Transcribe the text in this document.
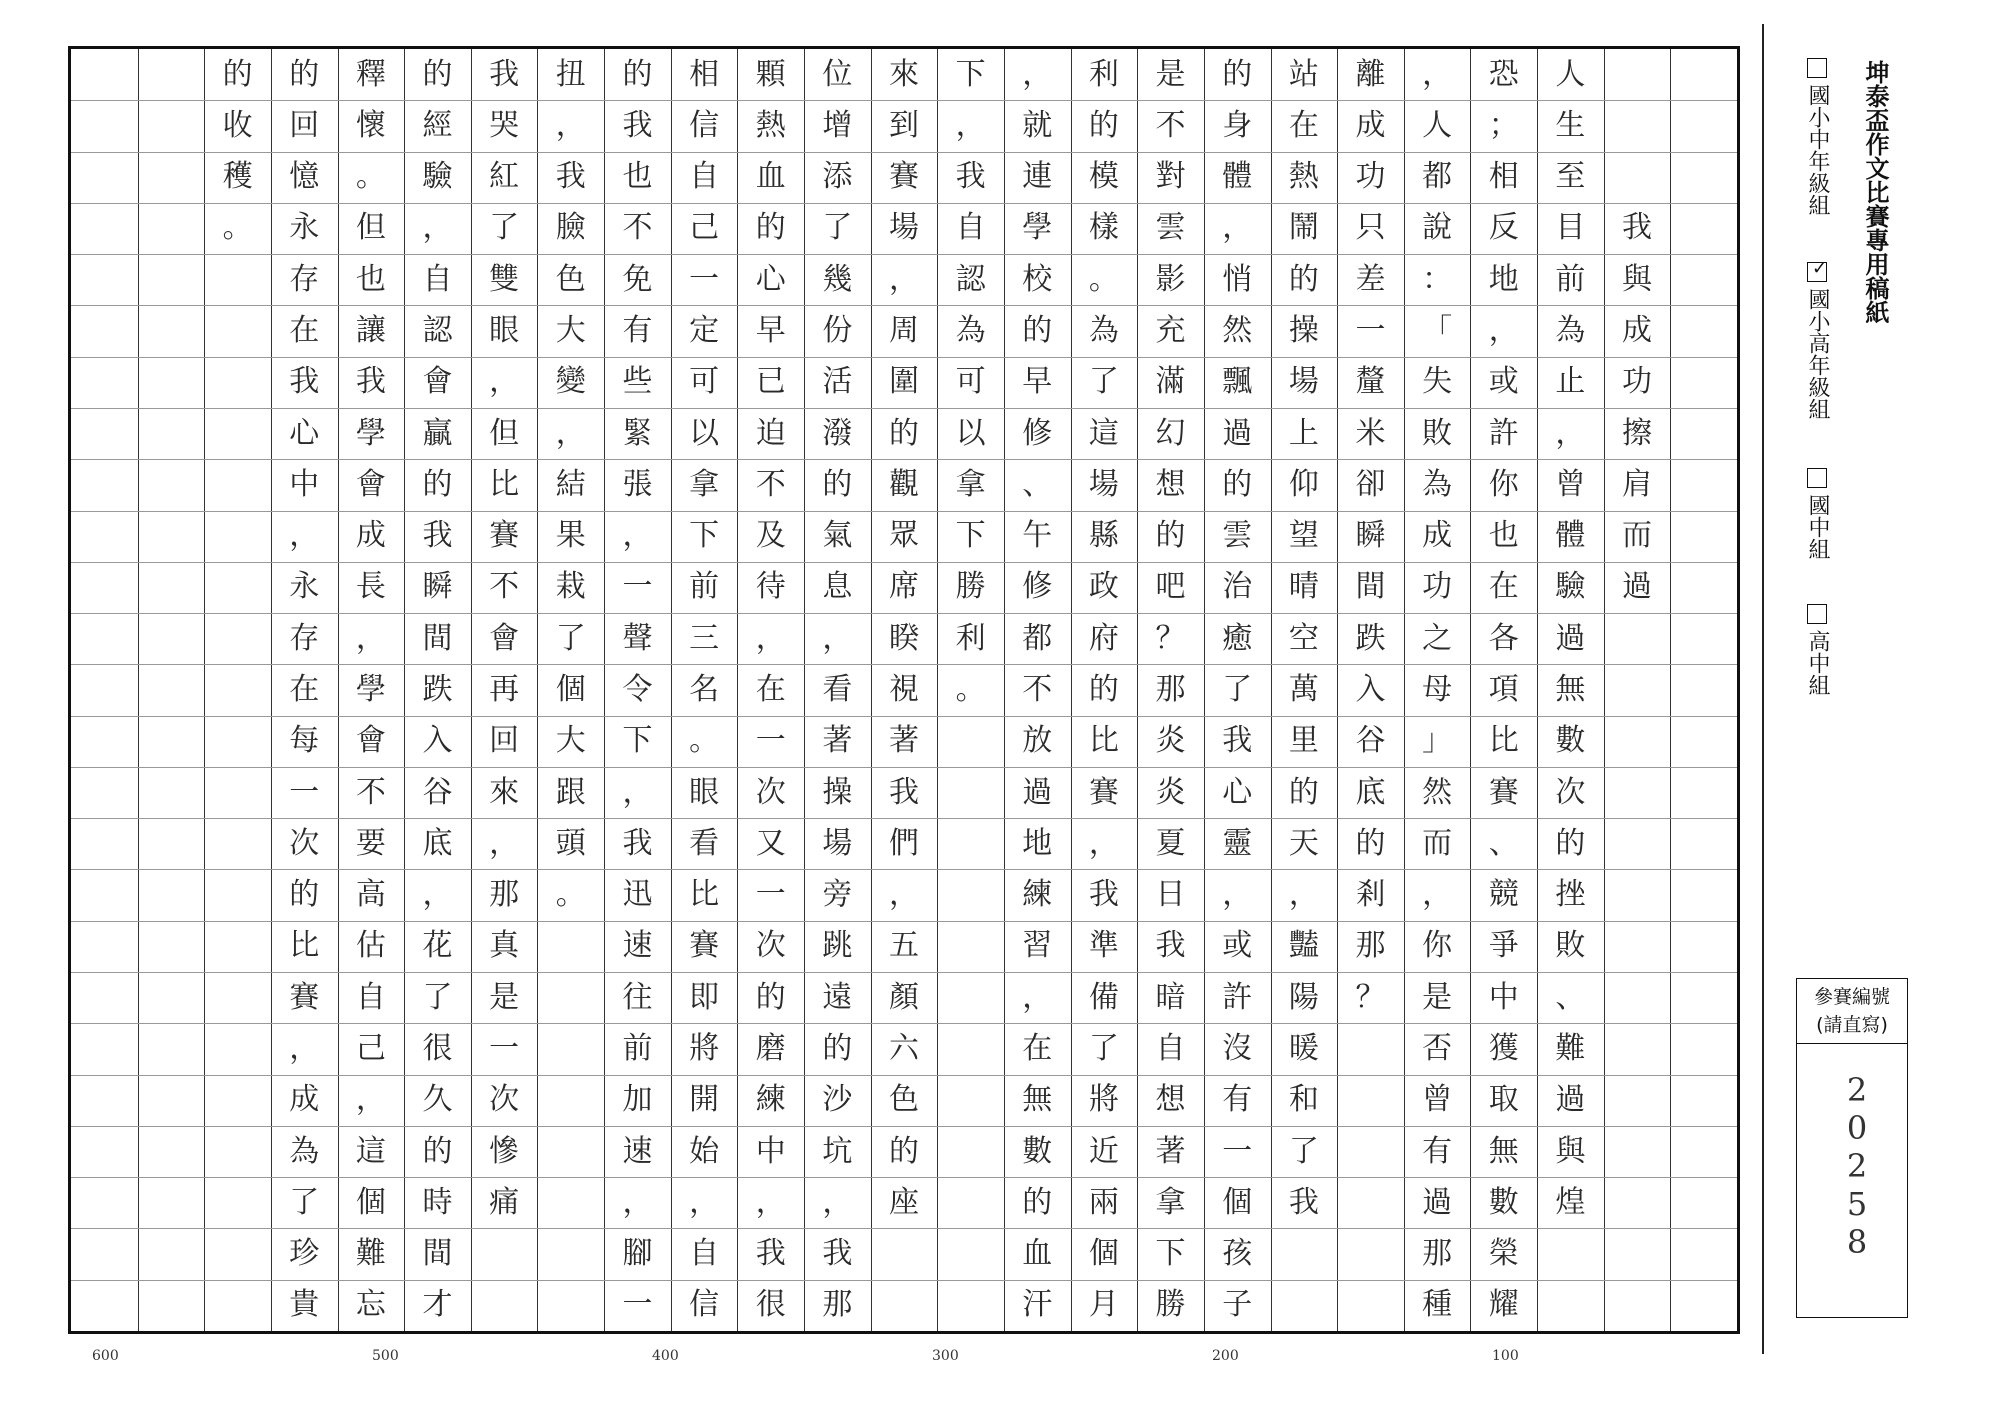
我
與
成
功
擦
肩
而
過
人
生
至
目
前
為
止
，
曾
體
驗
過
無
數
次
的
挫
敗
、
難
過
與
煌
恐
；
相
反
地
，
或
許
你
也
在
各
項
比
賽
、
競
爭
中
獲
取
無
數
榮
耀
，
人
都
說
：
「
失
敗
為
成
功
之
母
」
然
而
，
你
是
否
曾
有
過
那
種
離
成
功
只
差
一
釐
米
卻
瞬
間
跌
入
谷
底
的
剎
那
？
站
在
熱
鬧
的
操
場
上
仰
望
晴
空
萬
里
的
天
，
豔
陽
暖
和
了
我
的
身
體
，
悄
然
飄
過
的
雲
治
癒
了
我
心
靈
，
或
許
沒
有
一
個
孩
子
是
不
對
雲
影
充
滿
幻
想
的
吧
？
那
炎
炎
夏
日
我
暗
自
想
著
拿
下
勝
利
的
模
樣
。
為
了
這
場
縣
政
府
的
比
賽
，
我
準
備
了
將
近
兩
個
月
，
就
連
學
校
的
早
修
、
午
修
都
不
放
過
地
練
習
，
在
無
數
的
血
汗
下
，
我
自
認
為
可
以
拿
下
勝
利
。
來
到
賽
場
，
周
圍
的
觀
眾
席
睽
視
著
我
們
，
五
顏
六
色
的
座
位
增
添
了
幾
份
活
潑
的
氣
息
，
看
著
操
場
旁
跳
遠
的
沙
坑
，
我
那
顆
熱
血
的
心
早
已
迫
不
及
待
，
在
一
次
又
一
次
的
磨
練
中
，
我
很
相
信
自
己
一
定
可
以
拿
下
前
三
名
。
眼
看
比
賽
即
將
開
始
，
自
信
的
我
也
不
免
有
些
緊
張
，
一
聲
令
下
，
我
迅
速
往
前
加
速
，
腳
一
扭
，
我
臉
色
大
變
，
結
果
栽
了
個
大
跟
頭
。
我
哭
紅
了
雙
眼
，
但
比
賽
不
會
再
回
來
，
那
真
是
一
次
慘
痛
的
經
驗
，
自
認
會
贏
的
我
瞬
間
跌
入
谷
底
，
花
了
很
久
的
時
間
才
釋
懷
。
但
也
讓
我
學
會
成
長
，
學
會
不
要
高
估
自
己
，
這
個
難
忘
的
回
憶
永
存
在
我
心
中
，
永
存
在
每
一
次
的
比
賽
，
成
為
了
珍
貴
的
收
穫
。
600	500	400	300	200	100
坤泰盃作文比賽專用稿紙
國小中年級組
✓
國小高年級組
國中組
高中組
參賽編號
(請直寫)
20258
